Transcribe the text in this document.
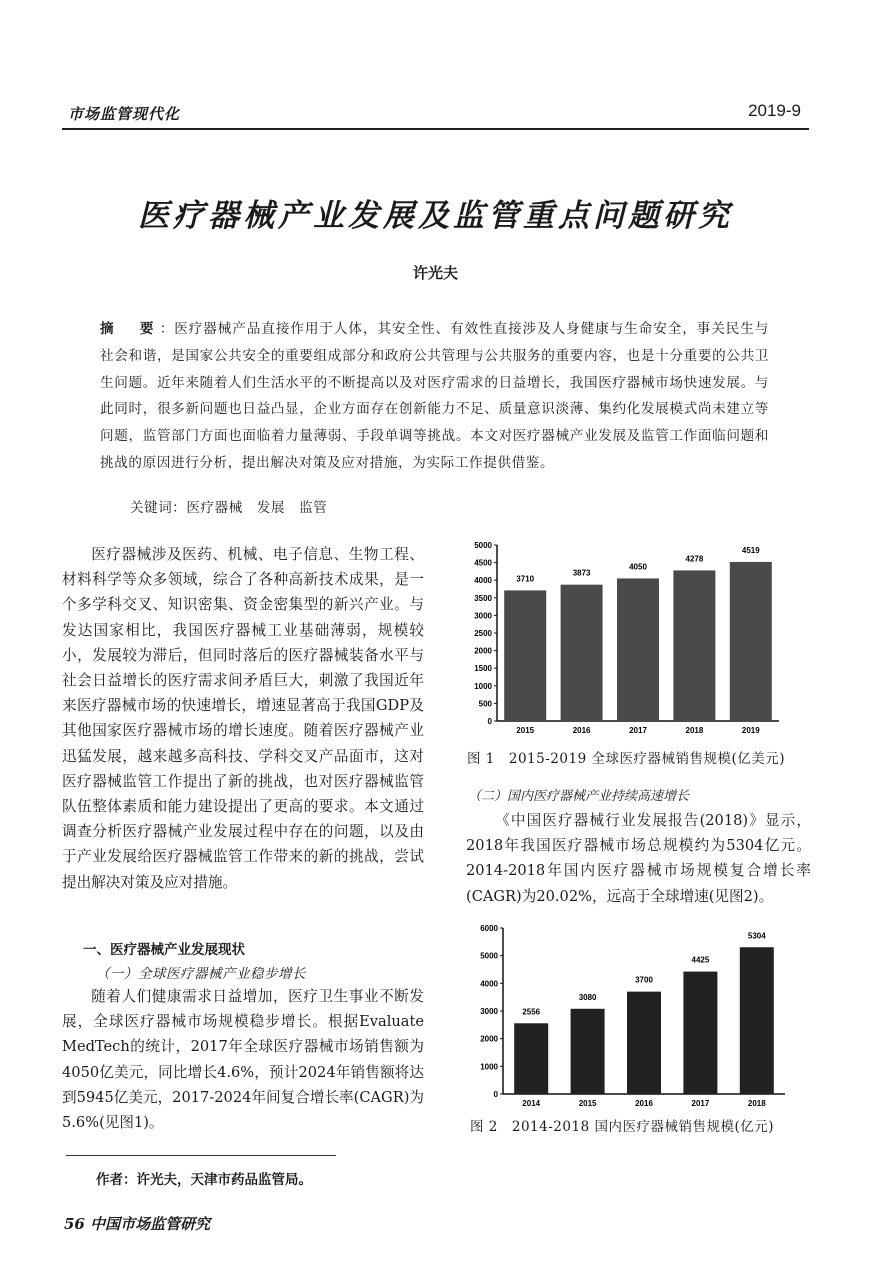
市场监管现代化	2019-9
医疗器械产业发展及监管重点问题研究
许光夫
摘　要：医疗器械产品直接作用于人体，其安全性、有效性直接涉及人身健康与生命安全，事关民生与社会和谐，是国家公共安全的重要组成部分和政府公共管理与公共服务的重要内容，也是十分重要的公共卫生问题。近年来随着人们生活水平的不断提高以及对医疗需求的日益增长，我国医疗器械市场快速发展。与此同时，很多新问题也日益凸显，企业方面存在创新能力不足、质量意识淡薄、集约化发展模式尚未建立等问题，监管部门方面也面临着力量薄弱、手段单调等挑战。本文对医疗器械产业发展及监管工作面临问题和挑战的原因进行分析，提出解决对策及应对措施，为实际工作提供借鉴。
关键词：医疗器械　发展　监管

医疗器械涉及医药、机械、电子信息、生物工程、材料科学等众多领域，综合了各种高新技术成果，是一个多学科交叉、知识密集、资金密集型的新兴产业。与发达国家相比，我国医疗器械工业基础薄弱，规模较小，发展较为滞后，但同时落后的医疗器械装备水平与社会日益增长的医疗需求间矛盾巨大，刺激了我国近年来医疗器械市场的快速增长，增速显著高于我国GDP及其他国家医疗器械市场的增长速度。随着医疗器械产业迅猛发展，越来越多高科技、学科交叉产品面市，这对医疗器械监管工作提出了新的挑战，也对医疗器械监管队伍整体素质和能力建设提出了更高的要求。本文通过调查分析医疗器械产业发展过程中存在的问题，以及由于产业发展给医疗器械监管工作带来的新的挑战，尝试提出解决对策及应对措施。

一、医疗器械产业发展现状
（一）全球医疗器械产业稳步增长

随着人们健康需求日益增加，医疗卫生事业不断发展，全球医疗器械市场规模稳步增长。根据Evaluate MedTech的统计，2017年全球医疗器械市场销售额为4050亿美元，同比增长4.6%，预计2024年销售额将达到5945亿美元，2017-2024年间复合增长率(CAGR)为5.6%(见图1)。

作者：许光夫，天津市药品监管局。
56 中国市场监管研究
0
500
1000
1500
2000
2500
3000
3500
4000
4500
5000
3710
2015
3873
2016
4050
2017
4278
2018
4519
2019
图 1　2015-2019 全球医疗器械销售规模(亿美元)
（二）国内医疗器械产业持续高速增长

《中国医疗器械行业发展报告(2018)》显示，2018年我国医疗器械市场总规模约为5304亿元。2014-2018年国内医疗器械市场规模复合增长率(CAGR)为20.02%，远高于全球增速(见图2)。

0
1000
2000
3000
4000
5000
6000
2556
2014
3080
2015
3700
2016
4425
2017
5304
2018
图 2　2014-2018 国内医疗器械销售规模(亿元)
